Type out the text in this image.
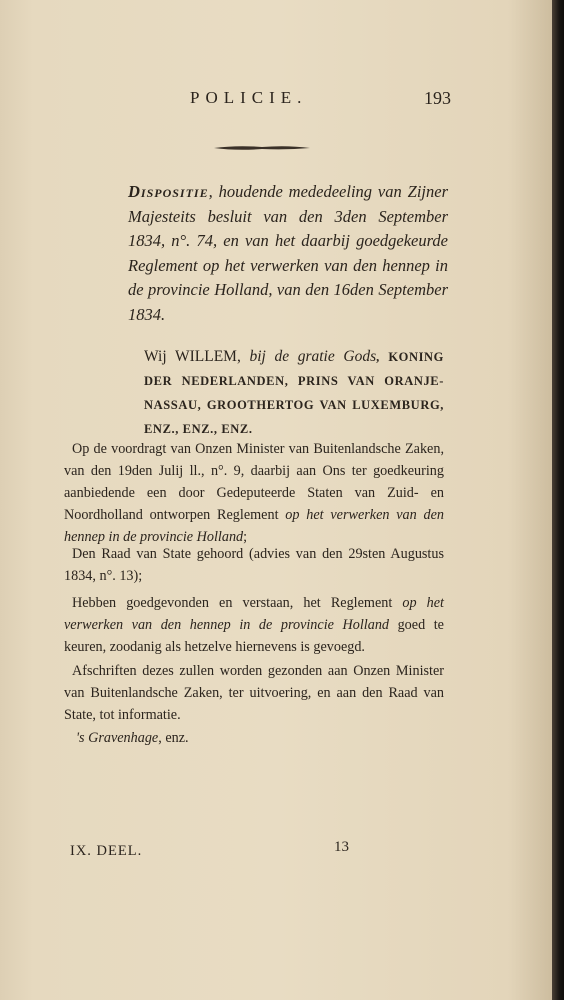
POLICIE.	193

Dispositie, houdende mededeeling van Zijner Majesteits besluit van den 3den September 1834, n°. 74, en van het daarbij goedgekeurde Reglement op het verwerken van den hennep in de provincie Holland, van den 16den September 1834.

Wij WILLEM, bij de gratie Gods, KONING DER NEDERLANDEN, PRINS VAN ORANJE-NASSAU, GROOTHERTOG VAN LUXEMBURG, ENZ., ENZ., ENZ.

Op de voordragt van Onzen Minister van Buitenlandsche Zaken, van den 19den Julij ll., n°. 9, daarbij aan Ons ter goedkeuring aanbiedende een door Gedeputeerde Staten van Zuid- en Noordholland ontworpen Reglement op het verwerken van den hennep in de provincie Holland;

Den Raad van State gehoord (advies van den 29sten Augustus 1834, n°. 13);

Hebben goedgevonden en verstaan, het Reglement op het verwerken van den hennep in de provincie Holland goed te keuren, zoodanig als hetzelve hiernevens is gevoegd.

Afschriften dezes zullen worden gezonden aan Onzen Minister van Buitenlandsche Zaken, ter uitvoering, en aan den Raad van State, tot informatie.

's Gravenhage, enz.

IX. DEEL.	13
